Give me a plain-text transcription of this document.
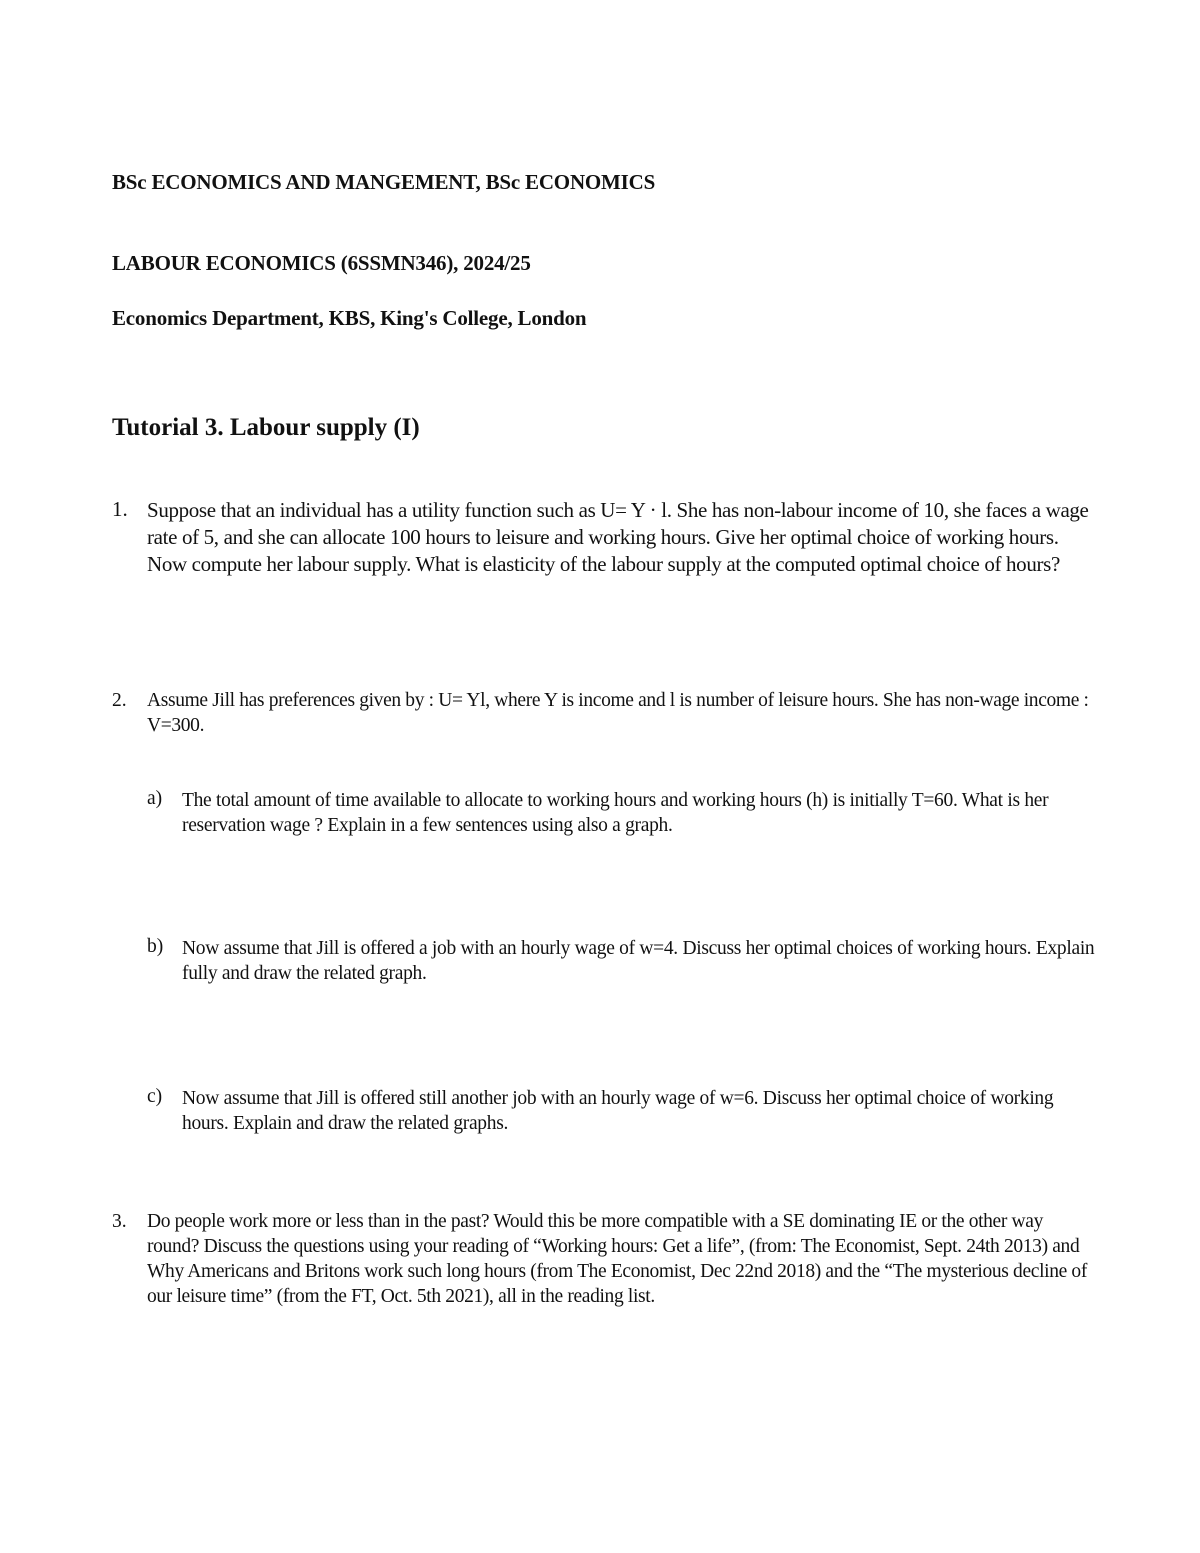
BSc ECONOMICS AND MANGEMENT, BSc ECONOMICS
LABOUR ECONOMICS (6SSMN346), 2024/25
Economics Department, KBS, King's College, London
Tutorial 3. Labour supply (I)
1. Suppose that an individual has a utility function such as U= Y · l. She has non-labour income of 10, she faces a wage rate of 5, and she can allocate 100 hours to leisure and working hours. Give her optimal choice of working hours. Now compute her labour supply. What is elasticity of the labour supply at the computed optimal choice of hours?
2. Assume Jill has preferences given by : U= Yl, where Y is income and l is number of leisure hours. She has non-wage income : V=300.
a) The total amount of time available to allocate to working hours and working hours (h) is initially T=60. What is her reservation wage ? Explain in a few sentences using also a graph.
b) Now assume that Jill is offered a job with an hourly wage of w=4. Discuss her optimal choices of working hours. Explain fully and draw the related graph.
c) Now assume that Jill is offered still another job with an hourly wage of w=6. Discuss her optimal choice of working hours. Explain and draw the related graphs.
3. Do people work more or less than in the past? Would this be more compatible with a SE dominating IE or the other way round? Discuss the questions using your reading of “Working hours: Get a life”, (from: The Economist, Sept. 24th 2013) and Why Americans and Britons work such long hours (from The Economist, Dec 22nd 2018) and the “The mysterious decline of our leisure time” (from the FT, Oct. 5th 2021), all in the reading list.
